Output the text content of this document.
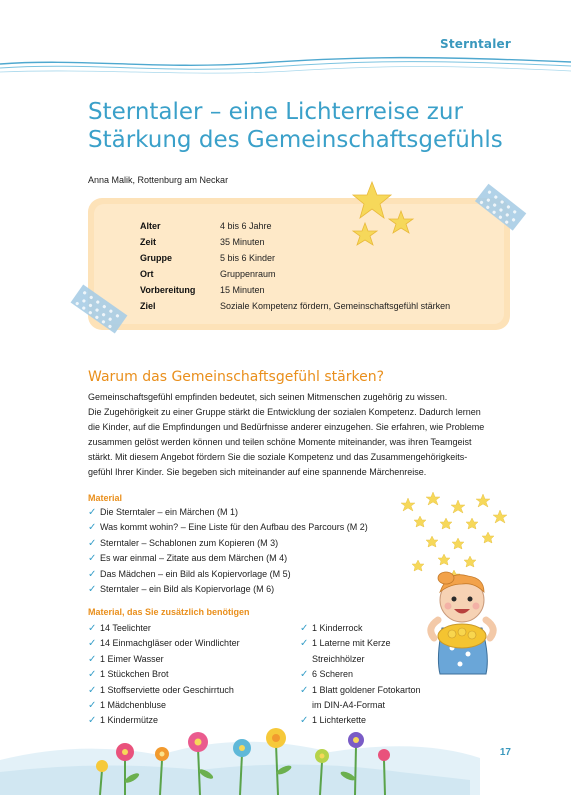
Sterntaler
Sterntaler – eine Lichterreise zur
Stärkung des Gemeinschaftsgefühls
Anna Malik, Rottenburg am Neckar
Alter	4 bis 6 Jahre
Zeit	35 Minuten
Gruppe	5 bis 6 Kinder
Ort	Gruppenraum
Vorbereitung	15 Minuten
Ziel	Soziale Kompetenz fördern, Gemeinschaftsgefühl stärken
Warum das Gemeinschaftsgefühl stärken?
Gemeinschaftsgefühl empfinden bedeutet, sich seinen Mitmenschen zugehörig zu wissen.
Die Zugehörigkeit zu einer Gruppe stärkt die Entwicklung der sozialen Kompetenz. Dadurch lernen
die Kinder, auf die Empfindungen und Bedürfnisse anderer einzugehen. Sie erfahren, wie Probleme
zusammen gelöst werden können und teilen schöne Momente miteinander, was ihren Teamgeist
stärkt. Mit diesem Angebot fördern Sie die soziale Kompetenz und das Zusammengehörigkeits-
gefühl Ihrer Kinder. Sie begeben sich miteinander auf eine spannende Märchenreise.
Material
✓ Die Sterntaler – ein Märchen (M 1)
✓ Was kommt wohin? – Eine Liste für den Aufbau des Parcours (M 2)
✓ Sterntaler – Schablonen zum Kopieren (M 3)
✓ Es war einmal – Zitate aus dem Märchen (M 4)
✓ Das Mädchen – ein Bild als Kopiervorlage (M 5)
✓ Sterntaler – ein Bild als Kopiervorlage (M 6)
Material, das Sie zusätzlich benötigen
✓ 14 Teelichter
✓ 14 Einmachgläser oder Windlichter
✓ 1 Eimer Wasser
✓ 1 Stückchen Brot
✓ 1 Stoffserviette oder Geschirrtuch
✓ 1 Mädchenbluse
✓ 1 Kindermütze
✓ 1 Kinderrock
✓ 1 Laterne mit Kerze
Streichhölzer
✓ 6 Scheren
✓ 1 Blatt goldener Fotokarton
im DIN-A4-Format
✓ 1 Lichterkette
17
